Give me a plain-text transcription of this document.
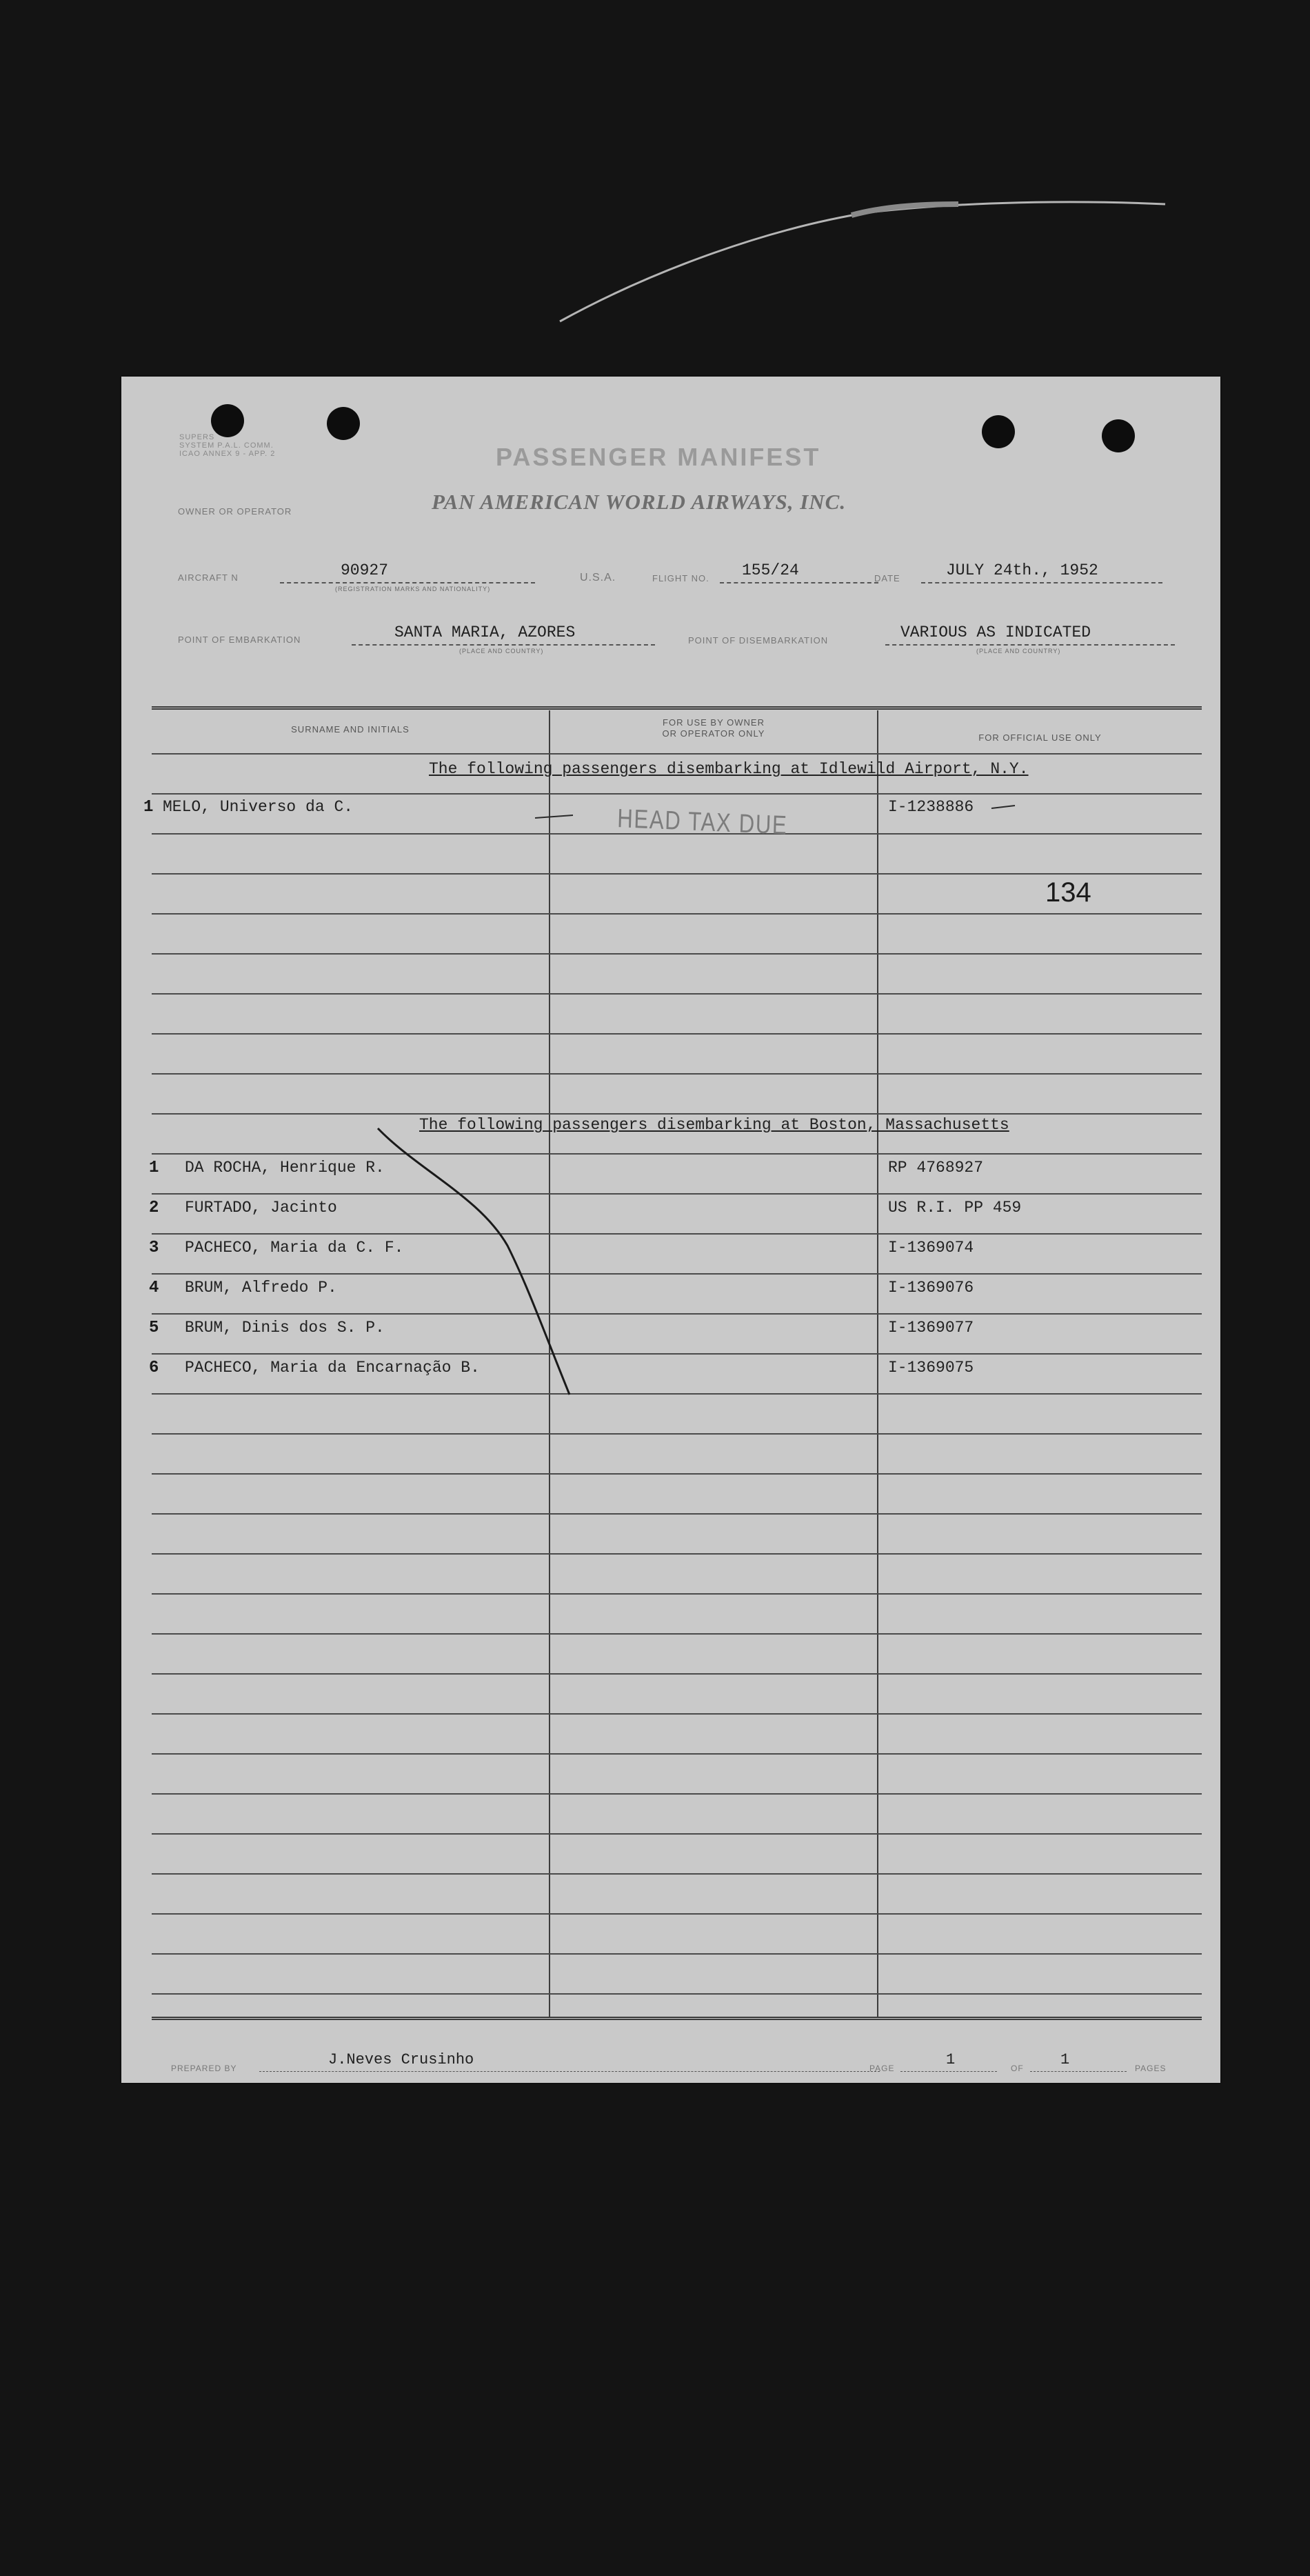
SUPERS
SYSTEM P.A.L. COMM.
ICAO ANNEX 9 - APP. 2	PASSENGER MANIFEST
PAN AMERICAN WORLD AIRWAYS, INC.
OWNER OR OPERATOR
AIRCRAFT N	90927
(REGISTRATION MARKS AND NATIONALITY)
U.S.A.	FLIGHT NO. 155/24	DATE	JULY 24th., 1952
POINT OF EMBARKATION	SANTA MARIA, AZORES
(PLACE AND COUNTRY)
POINT OF DISEMBARKATION	VARIOUS AS INDICATED
(PLACE AND COUNTRY)
SURNAME AND INITIALS
FOR USE BY OWNER
OR OPERATOR ONLY	FOR OFFICIAL USE ONLY
The following passengers disembarking at Idlewild Airport, N.Y.
1 MELO, Universo da C.	I-1238886
HEAD TAX DUE
134
The following passengers disembarking at Boston, Massachusetts
1 DA ROCHA, Henrique R.	RP 4768927
2 FURTADO, Jacinto	US R.I. PP 459
3 PACHECO, Maria da C. F.	I-1369074
4 BRUM, Alfredo P.	I-1369076
5 BRUM, Dinis dos S. P.	I-1369077
6 PACHECO, Maria da Encarnação B.	I-1369075
PREPARED BY	J.Neves Crusinho	PAGE	1	OF 1	PAGES
